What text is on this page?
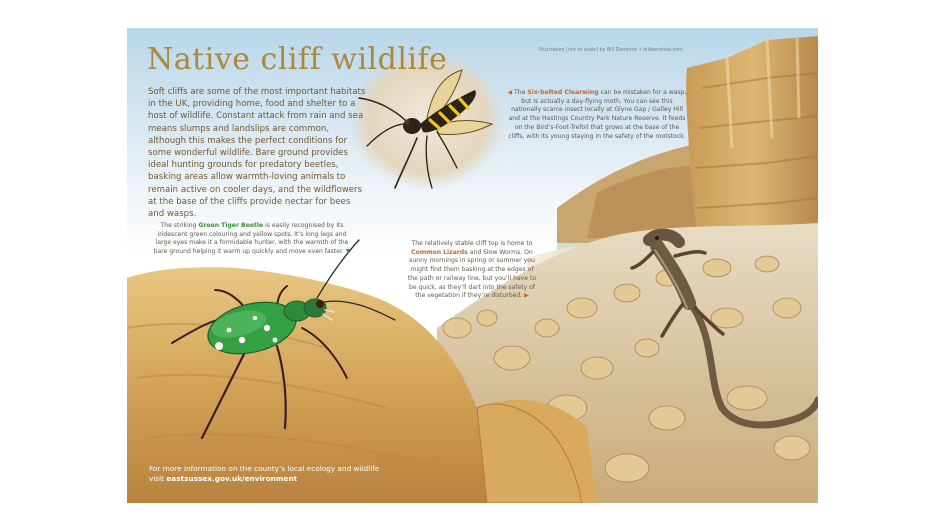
Native cliff wildlife	Illustration [not to scale] by Bill Donohoe • billdonohoe.com

Soft cliffs are some of the most important habitats in the UK, providing home, food and shelter to a host of wildlife. Constant attack from rain and sea means slumps and landslips are common, although this makes the perfect conditions for some wonderful wildlife. Bare ground provides ideal hunting grounds for predatory beetles, basking areas allow warmth-loving animals to remain active on cooler days, and the wildflowers at the base of the cliffs provide nectar for bees and wasps.

◀ The Six-belted Clearwing can be mistaken for a wasp, but is actually a day-flying moth. You can see this nationally scarce insect locally at Glyne Gap / Galley Hill and at the Hastings Country Park Nature Reserve. It feeds on the Bird’s-Foot-Trefoil that grows at the base of the cliffs, with its young staying in the safety of the rootstock.

The striking Green Tiger Beetle is easily recognised by its iridescent green colouring and yellow spots. It’s long legs and large eyes make it a formidable hunter, with the warmth of the bare ground helping it warm up quickly and move even faster. ▼

The relatively stable cliff top is home to Common Lizards and Slow Worms. On sunny mornings in spring or summer you might find them basking at the edges of the path or railway line, but you’ll have to be quick, as they’ll dart into the safety of the vegetation if they’re disturbed. ▶

For more information on the county’s local ecology and wildlife visit eastsussex.gov.uk/environment
